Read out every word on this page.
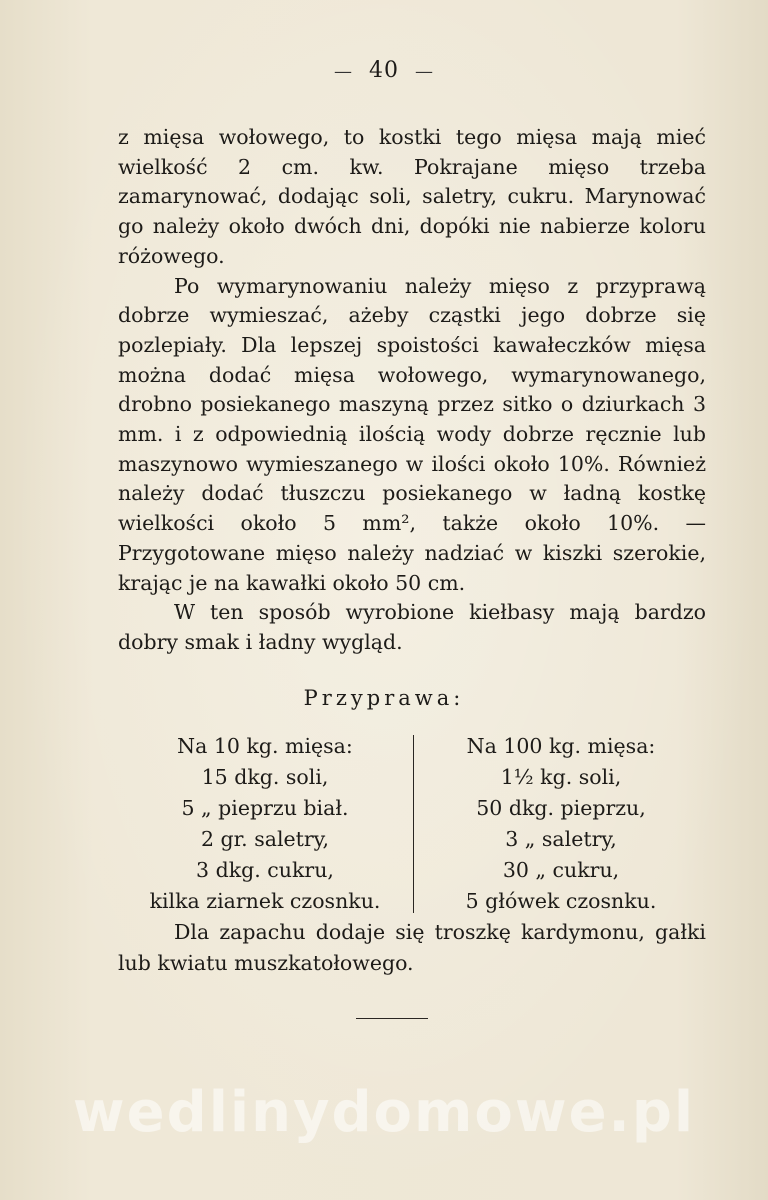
— 40 —

z mięsa wołowego, to kostki tego mięsa mają mieć wielkość 2 cm. kw. Pokrajane mięso trzeba zamarynować, dodając soli, saletry, cukru. Marynować go należy około dwóch dni, dopóki nie nabierze koloru różowego.

Po wymarynowaniu należy mięso z przyprawą dobrze wymieszać, ażeby cząstki jego dobrze się pozlepiały. Dla lepszej spoistości kawałeczków mięsa można dodać mięsa wołowego, wymarynowanego, drobno posiekanego maszyną przez sitko o dziurkach 3 mm. i z odpowiednią ilością wody dobrze ręcznie lub maszynowo wymieszanego w ilości około 10%. Również należy dodać tłuszczu posiekanego w ładną kostkę wielkości około 5 mm², także około 10%. — Przygotowane mięso należy nadziać w kiszki szerokie, krając je na kawałki około 50 cm.

W ten sposób wyrobione kiełbasy mają bardzo dobry smak i ładny wygląd.

Przyprawa:
Na 10 kg. mięsa:
15 dkg. soli,
5 „ pieprzu biał.
2 gr. saletry,
3 dkg. cukru,
kilka ziarnek czosnku.
Na 100 kg. mięsa:
1½ kg. soli,
50 dkg. pieprzu,
3 „ saletry,
30 „ cukru,
5 główek czosnku.

Dla zapachu dodaje się troszkę kardymonu, gałki lub kwiatu muszkatołowego.

wedlinydomowe.pl
